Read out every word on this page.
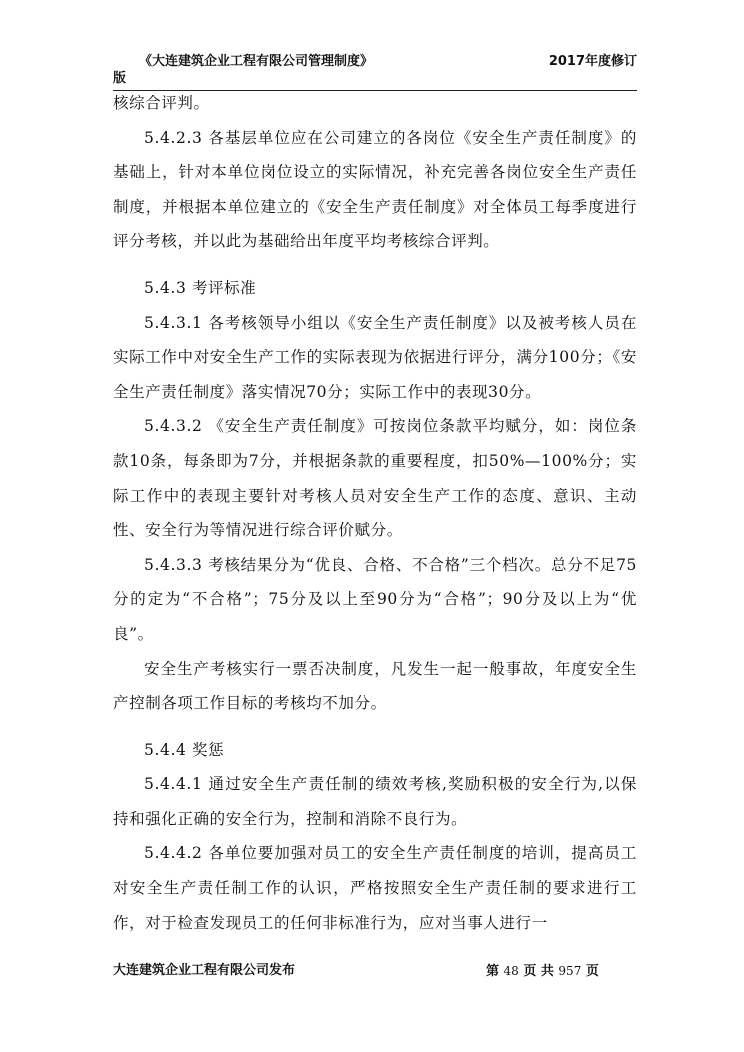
《大连建筑企业工程有限公司管理制度》	2017年度修订
版

核综合评判。

5.4.2.3 各基层单位应在公司建立的各岗位《安全生产责任制度》的基础上，针对本单位岗位设立的实际情况，补充完善各岗位安全生产责任制度，并根据本单位建立的《安全生产责任制度》对全体员工每季度进行评分考核，并以此为基础给出年度平均考核综合评判。

5.4.3 考评标准

5.4.3.1 各考核领导小组以《安全生产责任制度》以及被考核人员在实际工作中对安全生产工作的实际表现为依据进行评分，满分100分；《安全生产责任制度》落实情况70分；实际工作中的表现30分。

5.4.3.2 《安全生产责任制度》可按岗位条款平均赋分，如：岗位条款10条，每条即为7分，并根据条款的重要程度，扣50%—100%分；实际工作中的表现主要针对考核人员对安全生产工作的态度、意识、主动性、安全行为等情况进行综合评价赋分。

5.4.3.3 考核结果分为“优良、合格、不合格”三个档次。总分不足75分的定为“不合格”；75分及以上至90分为“合格”；90分及以上为“优良”。

安全生产考核实行一票否决制度，凡发生一起一般事故，年度安全生产控制各项工作目标的考核均不加分。

5.4.4 奖惩

5.4.4.1 通过安全生产责任制的绩效考核,奖励积极的安全行为,以保持和强化正确的安全行为，控制和消除不良行为。

5.4.4.2 各单位要加强对员工的安全生产责任制度的培训，提高员工对安全生产责任制工作的认识，严格按照安全生产责任制的要求进行工作，对于检查发现员工的任何非标准行为，应对当事人进行一

大连建筑企业工程有限公司发布	第 48 页 共 957 页
